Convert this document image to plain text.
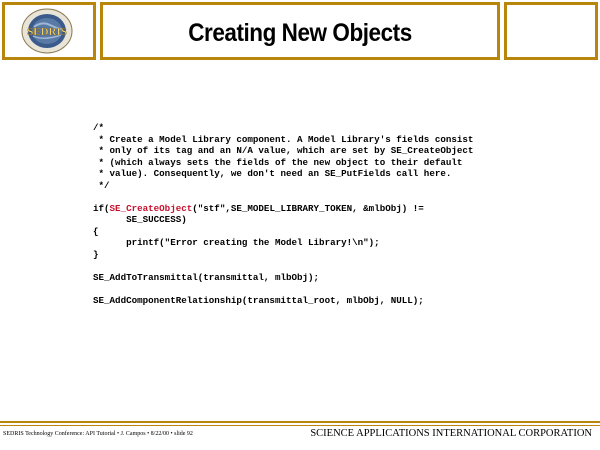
SEDRIS	Creating New Objects
/*
* Create a Model Library component. A Model Library's fields consist
* only of its tag and an N/A value, which are set by SE_CreateObject
* (which always sets the fields of the new object to their default
* value). Consequently, we don't need an SE_PutFields call here.
*/

if(SE_CreateObject("stf",SE_MODEL_LIBRARY_TOKEN, &mlbObj) !=
SE_SUCCESS)
{
printf("Error creating the Model Library!\n");
}

SE_AddToTransmittal(transmittal, mlbObj);

SE_AddComponentRelationship(transmittal_root, mlbObj, NULL);

SEDRIS Technology Conference: API Tutorial • J. Campos • 8/22/00 • slide 92	SCIENCE APPLICATIONS INTERNATIONAL CORPORATION
